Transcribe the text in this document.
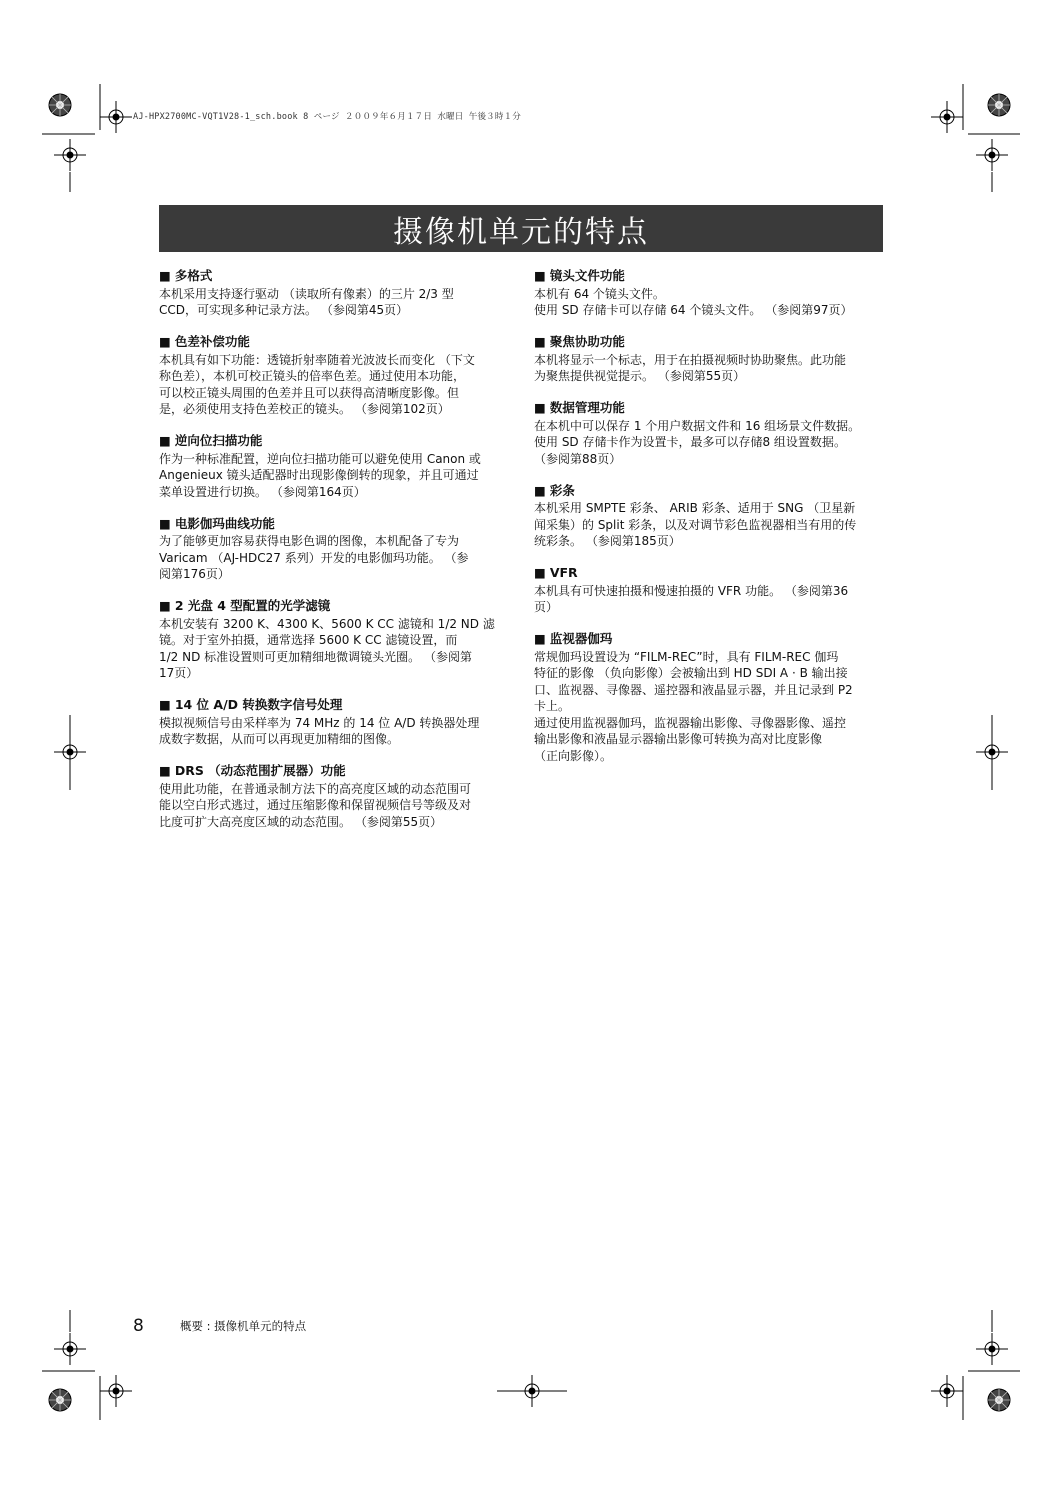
AJ-HPX2700MC-VQT1V28-1_sch.book 8 ページ ２００９年６月１７日 水曜日 午後３時１分
摄像机单元的特点
■ 多格式

本机采用支持逐行驱动 （读取所有像素）的三片 2/3 型

CCD，可实现多种记录方法。 （参阅第45页）

■ 色差补偿功能

本机具有如下功能：透镜折射率随着光波波长而变化 （下文

称色差），本机可校正镜头的倍率色差。通过使用本功能，

可以校正镜头周围的色差并且可以获得高清晰度影像。但

是，必须使用支持色差校正的镜头。 （参阅第102页）

■ 逆向位扫描功能

作为一种标准配置，逆向位扫描功能可以避免使用 Canon 或

Angenieux 镜头适配器时出现影像倒转的现象，并且可通过

菜单设置进行切换。 （参阅第164页）

■ 电影伽玛曲线功能

为了能够更加容易获得电影色调的图像，本机配备了专为

Varicam （AJ-HDC27 系列）开发的电影伽玛功能。 （参

阅第176页）

■ 2 光盘 4 型配置的光学滤镜

本机安装有 3200 K、4300 K、5600 K CC 滤镜和 1/2 ND 滤

镜。对于室外拍摄，通常选择 5600 K CC 滤镜设置，而

1/2 ND 标准设置则可更加精细地微调镜头光圈。 （参阅第

17页）

■ 14 位 A/D 转换数字信号处理

模拟视频信号由采样率为 74 MHz 的 14 位 A/D 转换器处理

成数字数据，从而可以再现更加精细的图像。

■ DRS （动态范围扩展器）功能

使用此功能，在普通录制方法下的高亮度区域的动态范围可

能以空白形式逃过，通过压缩影像和保留视频信号等级及对

比度可扩大高亮度区域的动态范围。 （参阅第55页）

■ 镜头文件功能

本机有 64 个镜头文件。

使用 SD 存储卡可以存储 64 个镜头文件。 （参阅第97页）

■ 聚焦协助功能

本机将显示一个标志，用于在拍摄视频时协助聚焦。此功能

为聚焦提供视觉提示。 （参阅第55页）

■ 数据管理功能

在本机中可以保存 1 个用户数据文件和 16 组场景文件数据。

使用 SD 存储卡作为设置卡，最多可以存储8 组设置数据。

（参阅第88页）

■ 彩条

本机采用 SMPTE 彩条、 ARIB 彩条、适用于 SNG （卫星新

闻采集）的 Split 彩条，以及对调节彩色监视器相当有用的传

统彩条。 （参阅第185页）

■ VFR

本机具有可快速拍摄和慢速拍摄的 VFR 功能。 （参阅第36

页）

■ 监视器伽玛

常规伽玛设置设为 “FILM-REC”时，具有 FILM-REC 伽玛

特征的影像 （负向影像）会被输出到 HD SDI A · B 输出接

口、监视器、寻像器、遥控器和液晶显示器，并且记录到 P2

卡上。

通过使用监视器伽玛，监视器输出影像、寻像器影像、遥控

输出影像和液晶显示器输出影像可转换为高对比度影像

（正向影像）。

8	概要 : 摄像机单元的特点
